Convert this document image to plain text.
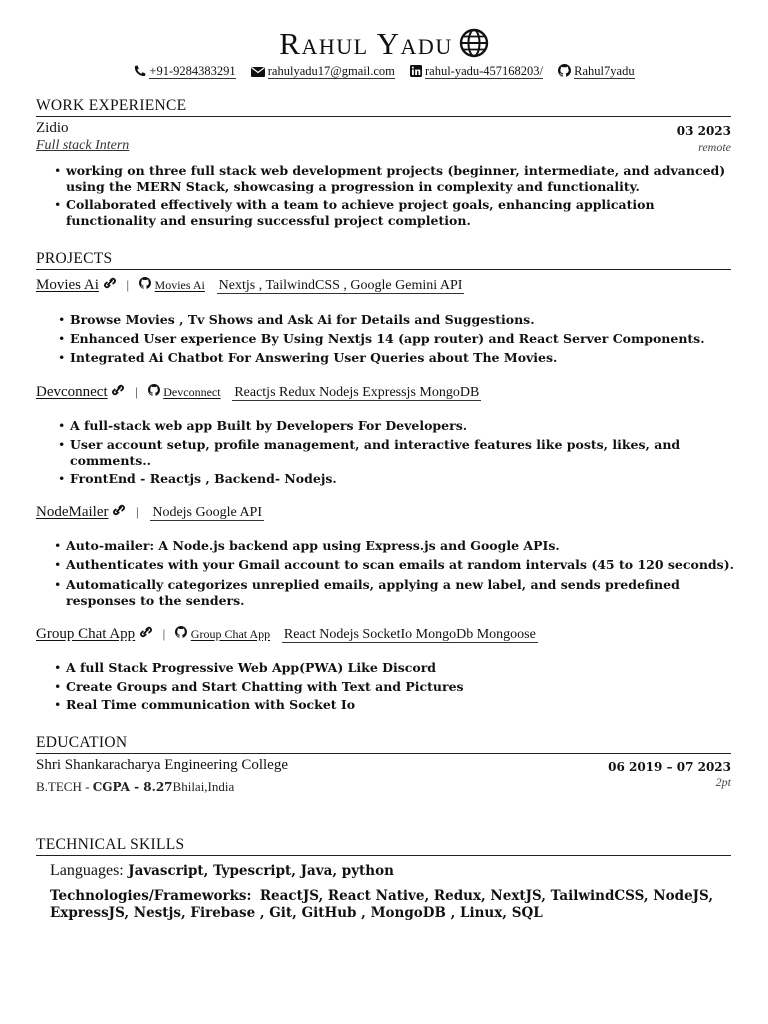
Rahul Yadu
+91-9284383291	rahulyadu17@gmail.com rahul-yadu-457168203/ Rahul7yadu
WORK EXPERIENCE
Zidio	03 2023
Full stack Intern	remote
• working on three full stack web development projects (beginner, intermediate, and advanced) using the MERN Stack, showcasing a progression in complexity and functionality.
• Collaborated effectively with a team to achieve project goals, enhancing application functionality and ensuring successful project completion.
PROJECTS
Movies Ai | Movies Ai Nextjs , TailwindCSS , Google Gemini API
• Browse Movies , Tv Shows and Ask Ai for Details and Suggestions.
• Enhanced User experience By Using Nextjs 14 (app router) and React Server Components.
• Integrated Ai Chatbot For Answering User Queries about The Movies.
Devconnect | Devconnect Reactjs Redux Nodejs Expressjs MongoDB
• A full-stack web app Built by Developers For Developers.
• User account setup, profile management, and interactive features like posts, likes, and comments..
• FrontEnd - Reactjs , Backend- Nodejs.
NodeMailer | Nodejs Google API
• Auto-mailer: A Node.js backend app using Express.js and Google APIs.
• Authenticates with your Gmail account to scan emails at random intervals (45 to 120 seconds).
• Automatically categorizes unreplied emails, applying a new label, and sends predefined responses to the senders.
Group Chat App | Group Chat App React Nodejs SocketIo MongoDb Mongoose
• A full Stack Progressive Web App(PWA) Like Discord
• Create Groups and Start Chatting with Text and Pictures
• Real Time communication with Socket Io
EDUCATION
Shri Shankaracharya Engineering College	06 2019 – 07 2023
B.TECH - CGPA - 8.27Bhilai,India	2pt
TECHNICAL SKILLS
Languages: Javascript, Typescript, Java, python
Technologies/Frameworks: ReactJS, React Native, Redux, NextJS, TailwindCSS, NodeJS, ExpressJS, Nestjs, Firebase , Git, GitHub , MongoDB , Linux, SQL
